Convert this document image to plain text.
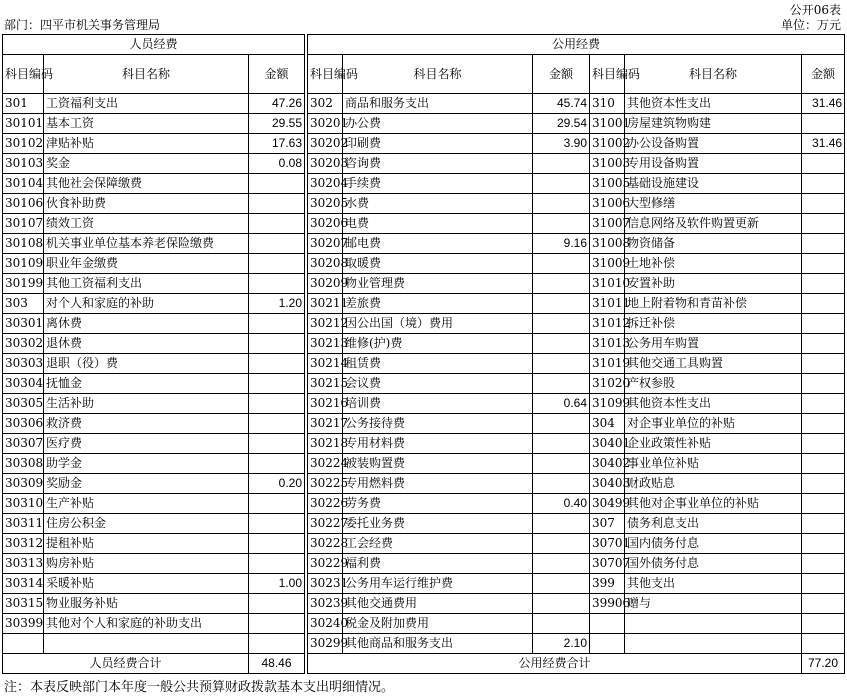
公开06表
部门：四平市机关事务管理局	单位：万元
人员经费				公用经费					
科目编码	科目名称	金额		科目编码	科目名称	金额	科目编码	科目名称	金额
301	工资福利支出	47.26		302	商品和服务支出	45.74	310	其他资本性支出	31.46
30101	基本工资	29.55		30201	办公费	29.54	31001	房屋建筑物购建	
30102	津贴补贴	17.63		30202	印刷费	3.90	31002	办公设备购置	31.46
30103	奖金	0.08		30203	咨询费		31003	专用设备购置	
30104	其他社会保障缴费			30204	手续费		31005	基础设施建设	
30106	伙食补助费			30205	水费		31006	大型修缮	
30107	绩效工资			30206	电费		31007	信息网络及软件购置更新	
30108	机关事业单位基本养老保险缴费			30207	邮电费	9.16	31008	物资储备	
30109	职业年金缴费			30208	取暖费		31009	土地补偿	
30199	其他工资福利支出			30209	物业管理费		31010	安置补助	
303	对个人和家庭的补助	1.20		30211	差旅费		31011	地上附着物和青苗补偿	
30301	离休费			30212	因公出国（境）费用		31012	拆迁补偿	
30302	退休费			30213	维修(护)费		31013	公务用车购置	
30303	退职（役）费			30214	租赁费		31019	其他交通工具购置	
30304	抚恤金			30215	会议费		31020	产权参股	
30305	生活补助			30216	培训费	0.64	31099	其他资本性支出	
30306	救济费			30217	公务接待费		304	对企事业单位的补贴	
30307	医疗费			30218	专用材料费		30401	企业政策性补贴	
30308	助学金			30224	被装购置费		30402	事业单位补贴	
30309	奖励金	0.20		30225	专用燃料费		30403	财政贴息	
30310	生产补贴			30226	劳务费	0.40	30499	其他对企事业单位的补贴	
30311	住房公积金			30227	委托业务费		307	债务利息支出	
30312	提租补贴			30228	工会经费		30701	国内债务付息	
30313	购房补贴			30229	福利费		30707	国外债务付息	
30314	采暖补贴	1.00		30231	公务用车运行维护费		399	其他支出	
30315	物业服务补贴			30239	其他交通费用		39906	赠与	
30399	其他对个人和家庭的补助支出			30240	税金及附加费用				
				30299	其他商品和服务支出	2.10			
人员经费合计		48.46		公用经费合计					77.20
注：本表反映部门本年度一般公共预算财政拨款基本支出明细情况。
